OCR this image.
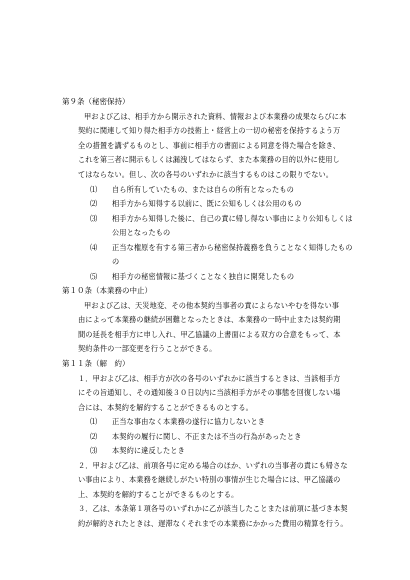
第９条（秘密保持）
甲および乙は、相手方から開示された資料、情報および本業務の成果ならびに本
契約に関連して知り得た相手方の技術上・経営上の一切の秘密を保持するよう万
全の措置を講ずるものとし、事前に相手方の書面による同意を得た場合を除き、
これを第三者に開示もしくは漏洩してはならず、また本業務の目的以外に使用し
てはならない。但し、次の各号のいずれかに該当するものはこの限りでない。
⑴ 自ら所有していたもの、または自らの所有となったもの
⑵ 相手方から知得する以前に、既に公知もしくは公用のもの
⑶ 相手方から知得した後に、自己の責に帰し得ない事由により公知もしくは
公用となったもの
⑷ 正当な権原を有する第三者から秘密保持義務を負うことなく知得したもの
の
⑸ 相手方の秘密情報に基づくことなく独自に開発したもの
第１０条（本業務の中止）
甲および乙は、天災地変、その他本契約当事者の責によらないやむを得ない事
由によって本業務の継続が困難となったときは、本業務の一時中止または契約期
間の延長を相手方に申し入れ、甲乙協議の上書面による双方の合意をもって、本
契約条件の一部変更を行うことができる。
第１１条（解　約）
１．甲および乙は、相手方が次の各号のいずれかに該当するときは、当該相手方
にその旨通知し、その通知後３０日以内に当該相手方がその事態を回復しない場
合には、本契約を解約することができるものとする。
⑴ 正当な事由なく本業務の遂行に協力しないとき
⑵ 本契約の履行に関し、不正または不当の行為があったとき
⑶ 本契約に違反したとき
２．甲および乙は、前項各号に定める場合のほか、いずれの当事者の責にも帰さな
い事由により、本業務を継続しがたい特別の事情が生じた場合には、甲乙協議の
上、本契約を解約することができるものとする。
３．乙は、本条第１項各号のいずれかに乙が該当したことまたは前項に基づき本契
約が解約されたときは、遅滞なくそれまでの本業務にかかった費用の精算を行う。
